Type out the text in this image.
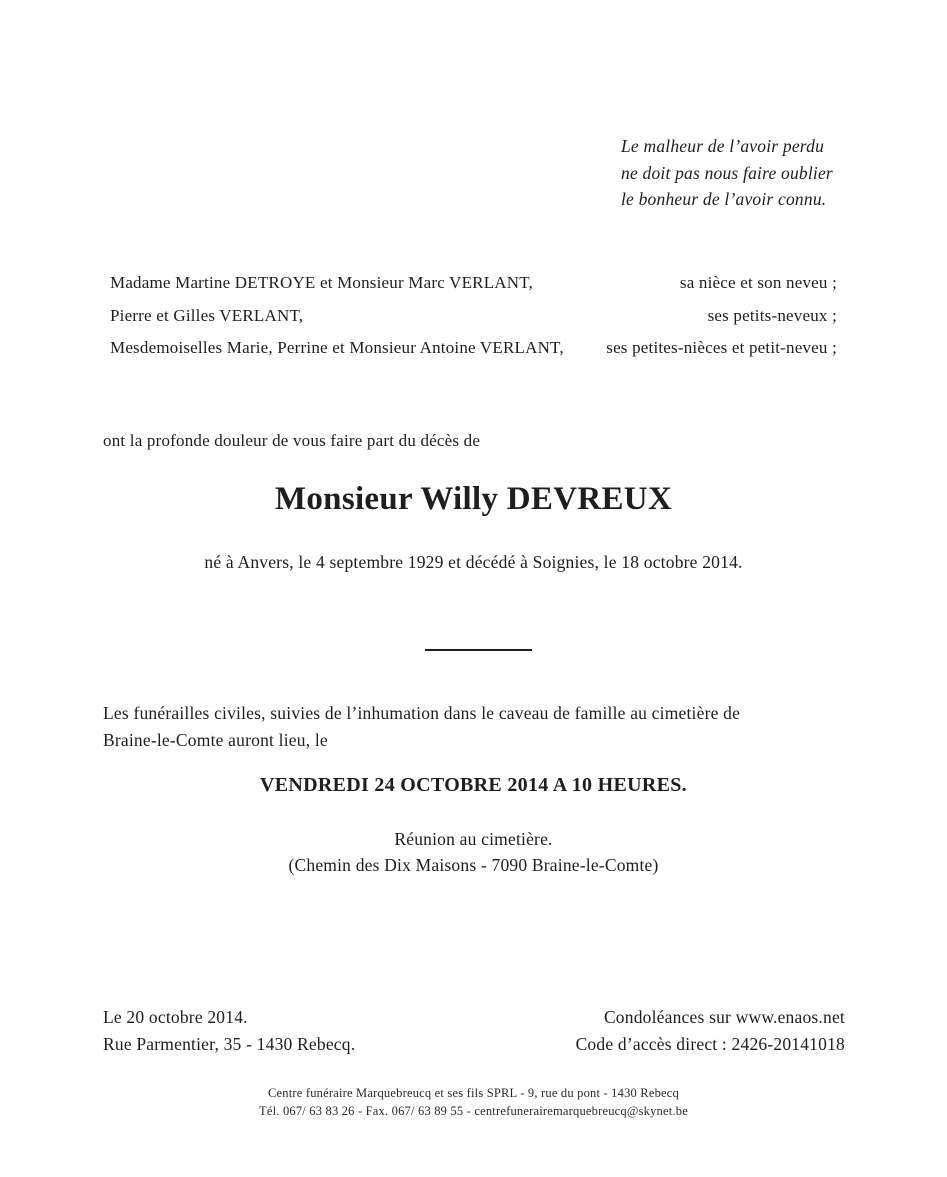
Le malheur de l’avoir perdu
ne doit pas nous faire oublier
le bonheur de l’avoir connu.
Madame Martine DETROYE et Monsieur Marc VERLANT,	sa nièce et son neveu ;
Pierre et Gilles VERLANT,	ses petits-neveux ;
Mesdemoiselles Marie, Perrine et Monsieur Antoine VERLANT, ses petites-nièces et petit-neveu ;
ont la profonde douleur de vous faire part du décès de
Monsieur Willy DEVREUX
né à Anvers, le 4 septembre 1929 et décédé à Soignies, le 18 octobre 2014.
Les funérailles civiles, suivies de l’inhumation dans le caveau de famille au cimetière de
Braine-le-Comte auront lieu, le
VENDREDI 24 OCTOBRE 2014 A 10 HEURES.
Réunion au cimetière.
(Chemin des Dix Maisons - 7090 Braine-le-Comte)
Le 20 octobre 2014.
Rue Parmentier, 35 - 1430 Rebecq.
Condoléances sur www.enaos.net
Code d’accès direct : 2426-20141018
Centre funéraire Marquebreucq et ses fils SPRL - 9, rue du pont - 1430 Rebecq
Tél. 067/ 63 83 26 - Fax. 067/ 63 89 55 - centrefunerairemarquebreucq@skynet.be
